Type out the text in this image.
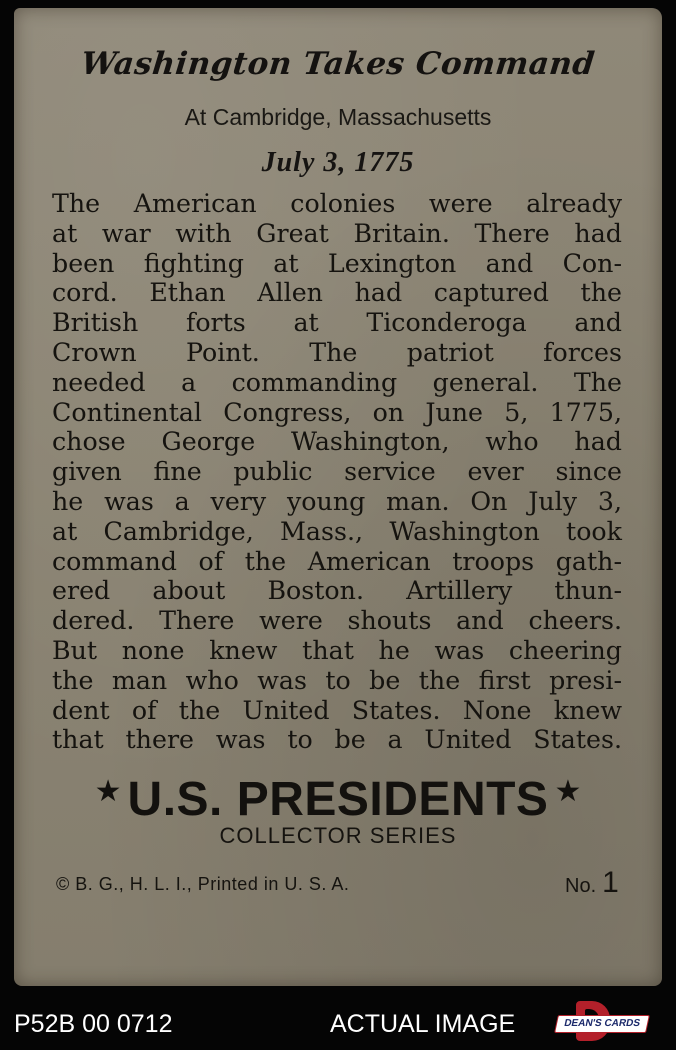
Washington Takes Command
At Cambridge, Massachusetts
July 3, 1775
The American colonies were already
at war with Great Britain. There had
been fighting at Lexington and Con-
cord. Ethan Allen had captured the
British forts at Ticonderoga and
Crown Point. The patriot forces
needed a commanding general. The
Continental Congress, on June 5, 1775,
chose George Washington, who had
given fine public service ever since
he was a very young man. On July 3,
at Cambridge, Mass., Washington took
command of the American troops gath-
ered about Boston. Artillery thun-
dered. There were shouts and cheers.
But none knew that he was cheering
the man who was to be the first presi-
dent of the United States. None knew
that there was to be a United States.
★ U.S. PRESIDENTS ★
COLLECTOR SERIES
© B. G., H. L. I., Printed in U. S. A.	No. 1
P52B 00 0712	ACTUAL IMAGE	DEAN'S CARDS
